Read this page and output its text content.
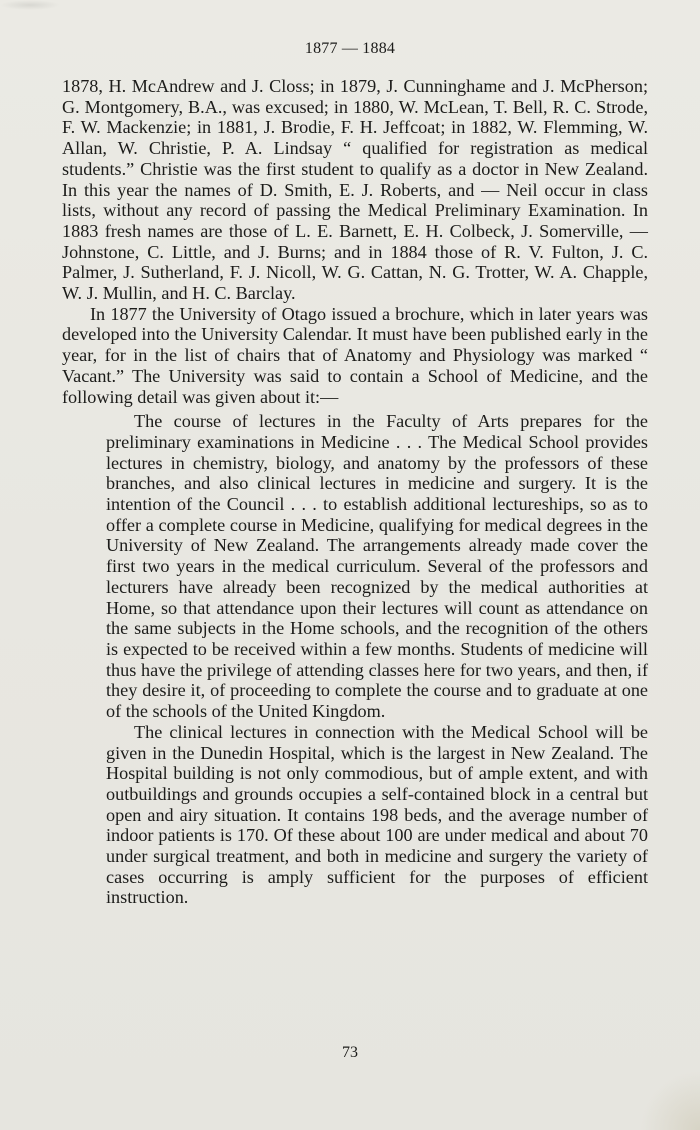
1877 — 1884

1878, H. McAndrew and J. Closs; in 1879, J. Cunninghame and J. McPherson; G. Montgomery, B.A., was excused; in 1880, W. McLean, T. Bell, R. C. Strode, F. W. Mackenzie; in 1881, J. Brodie, F. H. Jeffcoat; in 1882, W. Flemming, W. Allan, W. Christie, P. A. Lindsay “ qualified for registration as medical students.” Christie was the first student to qualify as a doctor in New Zealand. In this year the names of D. Smith, E. J. Roberts, and — Neil occur in class lists, without any record of passing the Medical Preliminary Examination. In 1883 fresh names are those of L. E. Barnett, E. H. Colbeck, J. Somerville, — Johnstone, C. Little, and J. Burns; and in 1884 those of R. V. Fulton, J. C. Palmer, J. Sutherland, F. J. Nicoll, W. G. Cattan, N. G. Trotter, W. A. Chapple, W. J. Mullin, and H. C. Barclay.

In 1877 the University of Otago issued a brochure, which in later years was developed into the University Calendar. It must have been published early in the year, for in the list of chairs that of Anatomy and Physiology was marked “ Vacant.” The University was said to contain a School of Medicine, and the following detail was given about it:—

The course of lectures in the Faculty of Arts prepares for the preliminary examinations in Medicine . . . The Medical School provides lectures in chemistry, biology, and anatomy by the professors of these branches, and also clinical lectures in medicine and surgery. It is the intention of the Council . . . to establish additional lectureships, so as to offer a complete course in Medicine, qualifying for medical degrees in the University of New Zealand. The arrangements already made cover the first two years in the medical curriculum. Several of the professors and lecturers have already been recognized by the medical authorities at Home, so that attendance upon their lectures will count as attendance on the same subjects in the Home schools, and the recognition of the others is expected to be received within a few months. Students of medicine will thus have the privilege of attending classes here for two years, and then, if they desire it, of proceeding to complete the course and to graduate at one of the schools of the United Kingdom.

The clinical lectures in connection with the Medical School will be given in the Dunedin Hospital, which is the largest in New Zealand. The Hospital building is not only commodious, but of ample extent, and with outbuildings and grounds occupies a self-contained block in a central but open and airy situation. It contains 198 beds, and the average number of indoor patients is 170. Of these about 100 are under medical and about 70 under surgical treatment, and both in medicine and surgery the variety of cases occurring is amply sufficient for the purposes of efficient instruction.

73
